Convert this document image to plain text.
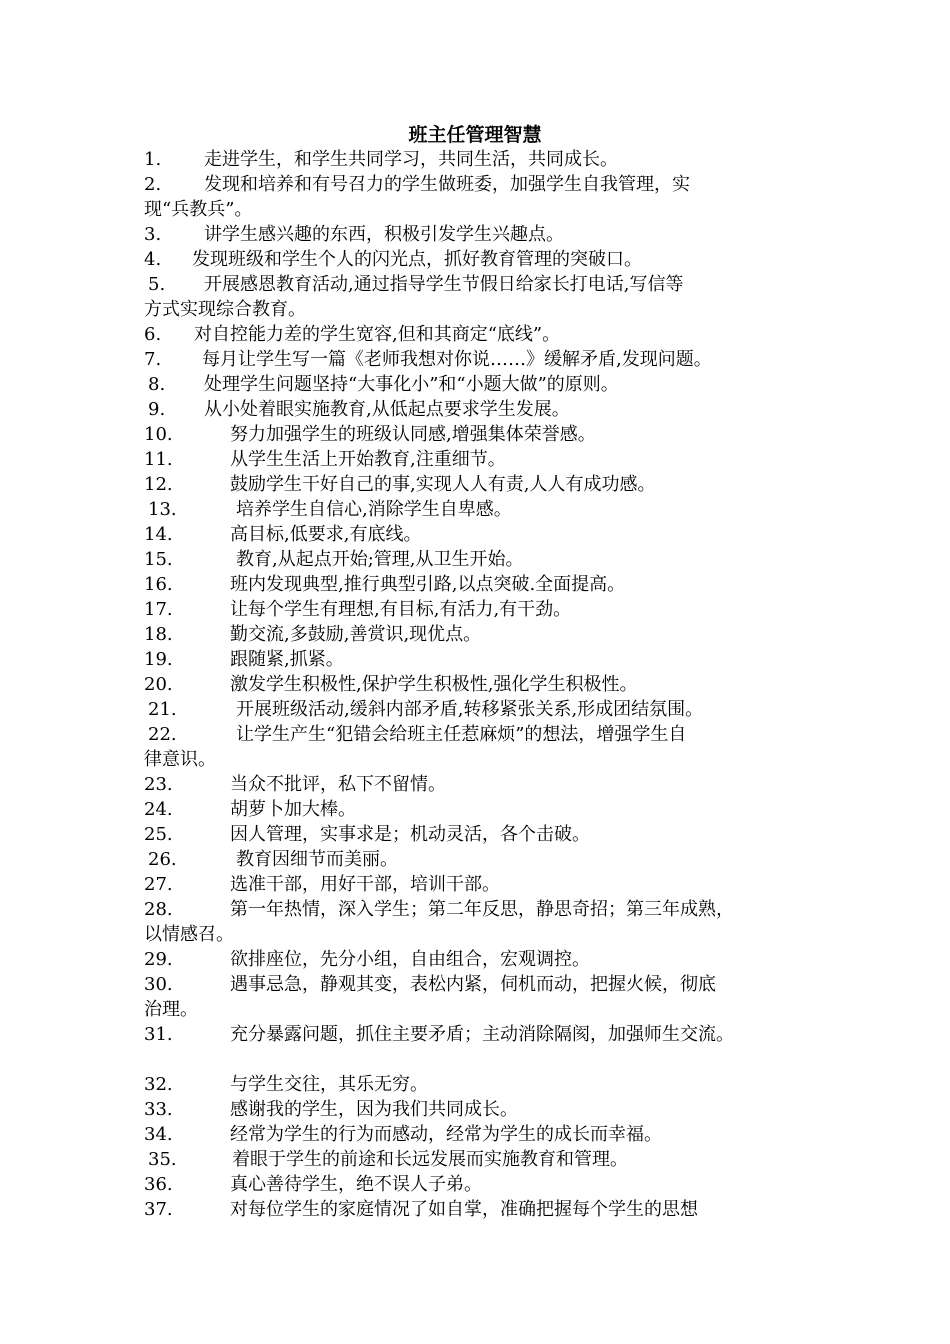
班主任管理智慧
1. 走进学生，和学生共同学习，共同生活，共同成长。
2. 发现和培养和有号召力的学生做班委，加强学生自我管理，实
现“兵教兵”。
3. 讲学生感兴趣的东西，积极引发学生兴趣点。
4. 发现班级和学生个人的闪光点，抓好教育管理的突破口。
5. 开展感恩教育活动,通过指导学生节假日给家长打电话,写信等
方式实现综合教育。
6. 对自控能力差的学生宽容,但和其商定“底线”。
7. 每月让学生写一篇《老师我想对你说……》缓解矛盾,发现问题。
8. 处理学生问题坚持“大事化小”和“小题大做”的原则。
9. 从小处着眼实施教育,从低起点要求学生发展。
10.	努力加强学生的班级认同感,增强集体荣誉感。
11.	从学生生活上开始教育,注重细节。
12.	鼓励学生干好自己的事,实现人人有责,人人有成功感。
13.	培养学生自信心,消除学生自卑感。
14.	高目标,低要求,有底线。
15.	教育,从起点开始;管理,从卫生开始。
16.	班内发现典型,推行典型引路,以点突破.全面提高。
17.	让每个学生有理想,有目标,有活力,有干劲。
18.	勤交流,多鼓励,善赏识,现优点。
19.	跟随紧,抓紧。
20.	激发学生积极性,保护学生积极性,强化学生积极性。
21.	开展班级活动,缓斜内部矛盾,转移紧张关系,形成团结氛围。
22.	让学生产生“犯错会给班主任惹麻烦”的想法，增强学生自
律意识。
23.	当众不批评，私下不留情。
24.	胡萝卜加大棒。
25.	因人管理，实事求是；机动灵活，各个击破。
26.	教育因细节而美丽。
27.	选准干部，用好干部，培训干部。
28.	第一年热情，深入学生；第二年反思，静思奇招；第三年成熟，
以情感召。
29.	欲排座位，先分小组，自由组合，宏观调控。
30.	遇事忌急，静观其变，表松内紧，伺机而动，把握火候，彻底
治理。
31.	充分暴露问题，抓住主要矛盾；主动消除隔阂，加强师生交流。
32.	与学生交往，其乐无穷。
33.	感谢我的学生，因为我们共同成长。
34.	经常为学生的行为而感动，经常为学生的成长而幸福。
35.	着眼于学生的前途和长远发展而实施教育和管理。
36.	真心善待学生，绝不误人子弟。
37.	对每位学生的家庭情况了如自掌，准确把握每个学生的思想
